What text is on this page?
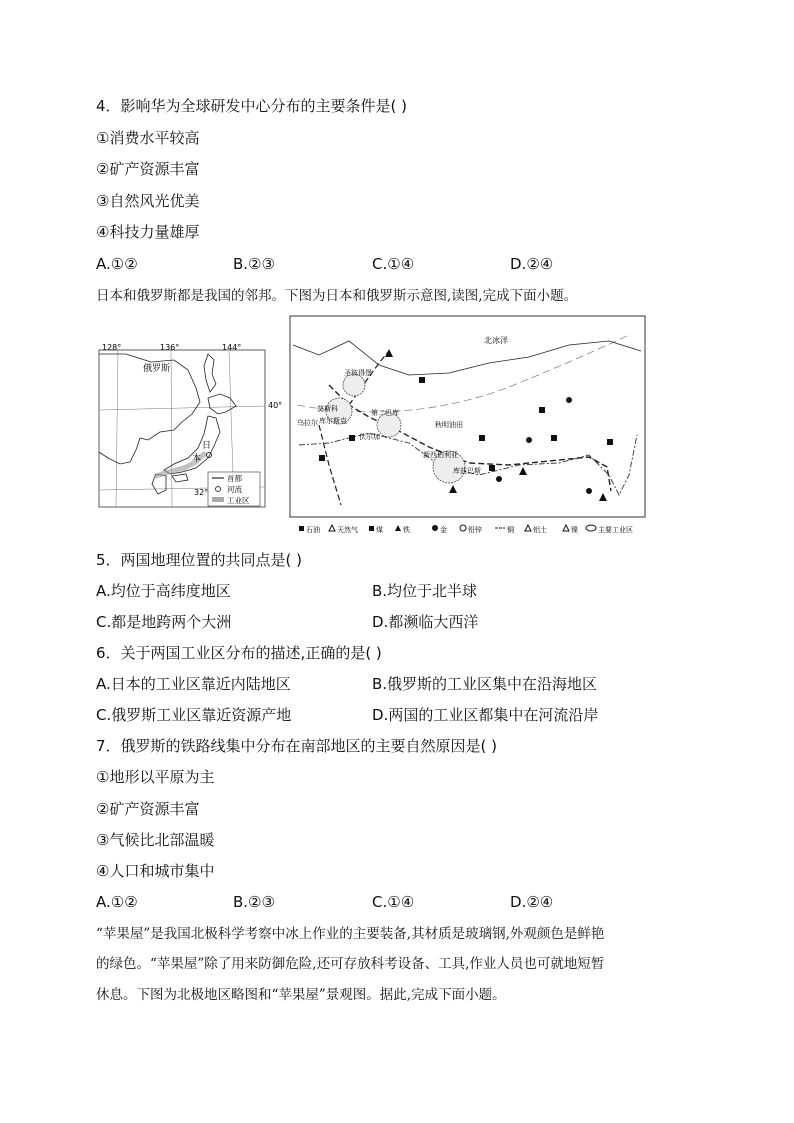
4．影响华为全球研发中心分布的主要条件是( )
①消费水平较高
②矿产资源丰富
③自然风光优美
④科技力量雄厚
A.①②	B.②③	C.①④	D.②④
日本和俄罗斯都是我国的邻邦。下图为日本和俄罗斯示意图,读图,完成下面小题。
128°	136°	144°
40°
32°
俄罗斯
日
本
首都
河流
工业区
北冰洋
圣彼得堡
莫斯科
乌拉尔
第二巴库
秋明油田
库尔斯克
伏尔加
新西伯利亚
库兹巴斯
石油 天然气	煤	铁	金	铅锌	铜	铝土	镍	主要工业区
5．两国地理位置的共同点是( )
A.均位于高纬度地区	B.均位于北半球
C.都是地跨两个大洲	D.都濒临大西洋
6．关于两国工业区分布的描述,正确的是( )
A.日本的工业区靠近内陆地区	B.俄罗斯的工业区集中在沿海地区
C.俄罗斯工业区靠近资源产地	D.两国的工业区都集中在河流沿岸
7．俄罗斯的铁路线集中分布在南部地区的主要自然原因是( )
①地形以平原为主
②矿产资源丰富
③气候比北部温暖
④人口和城市集中
A.①②	B.②③	C.①④	D.②④
“苹果屋”是我国北极科学考察中冰上作业的主要装备,其材质是玻璃钢,外观颜色是鲜艳
的绿色。“苹果屋”除了用来防御危险,还可存放科考设备、工具,作业人员也可就地短暂
休息。下图为北极地区略图和“苹果屋”景观图。据此,完成下面小题。
